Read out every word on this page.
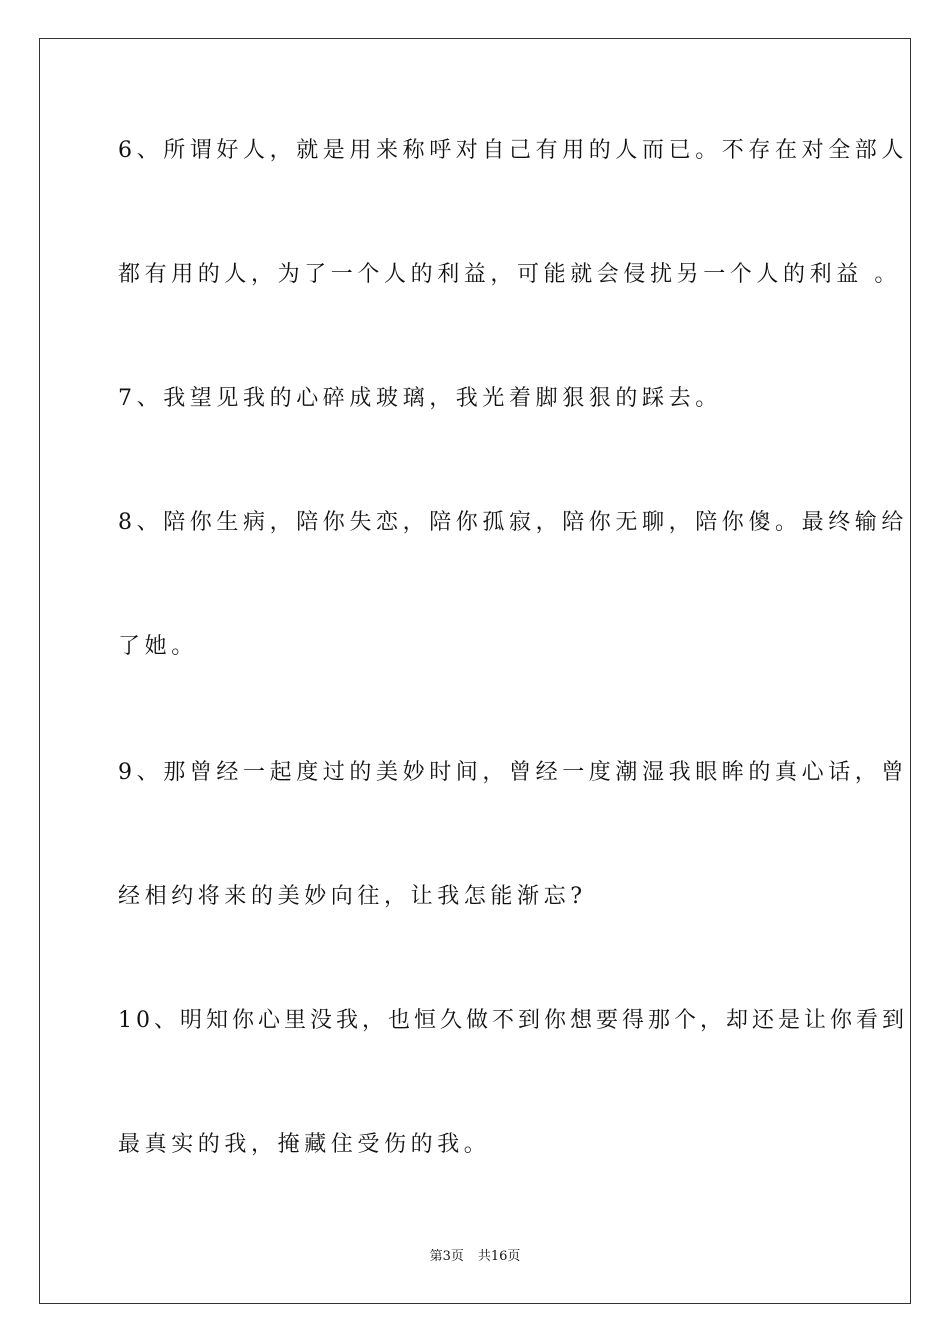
6、所谓好人，就是用来称呼对自己有用的人而已。不存在对全部人
都有用的人，为了一个人的利益，可能就会侵扰另一个人的利益 。
7、我望见我的心碎成玻璃，我光着脚狠狠的踩去。
8、陪你生病，陪你失恋，陪你孤寂，陪你无聊，陪你傻。最终输给
了她。
9、那曾经一起度过的美妙时间，曾经一度潮湿我眼眸的真心话，曾
经相约将来的美妙向往，让我怎能渐忘?
10、明知你心里没我，也恒久做不到你想要得那个，却还是让你看到
最真实的我，掩藏住受伤的我。
第3页 共16页
